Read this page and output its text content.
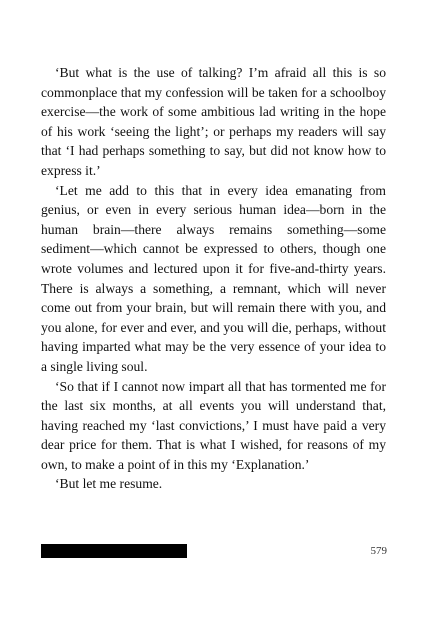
‘But what is the use of talking? I’m afraid all this is so commonplace that my confession will be taken for a schoolboy exercise—the work of some ambitious lad writing in the hope of his work ‘seeing the light’; or perhaps my readers will say that ‘I had perhaps something to say, but did not know how to express it.’

‘Let me add to this that in every idea emanating from genius, or even in every serious human idea—born in the human brain—there always remains something—some sediment—which cannot be expressed to others, though one wrote volumes and lectured upon it for five-and-thirty years. There is always a something, a remnant, which will never come out from your brain, but will remain there with you, and you alone, for ever and ever, and you will die, perhaps, without having imparted what may be the very essence of your idea to a single living soul.

‘So that if I cannot now impart all that has tormented me for the last six months, at all events you will understand that, having reached my ‘last convictions,’ I must have paid a very dear price for them. That is what I wished, for reasons of my own, to make a point of in this my ‘Explanation.’

‘But let me resume.

579
